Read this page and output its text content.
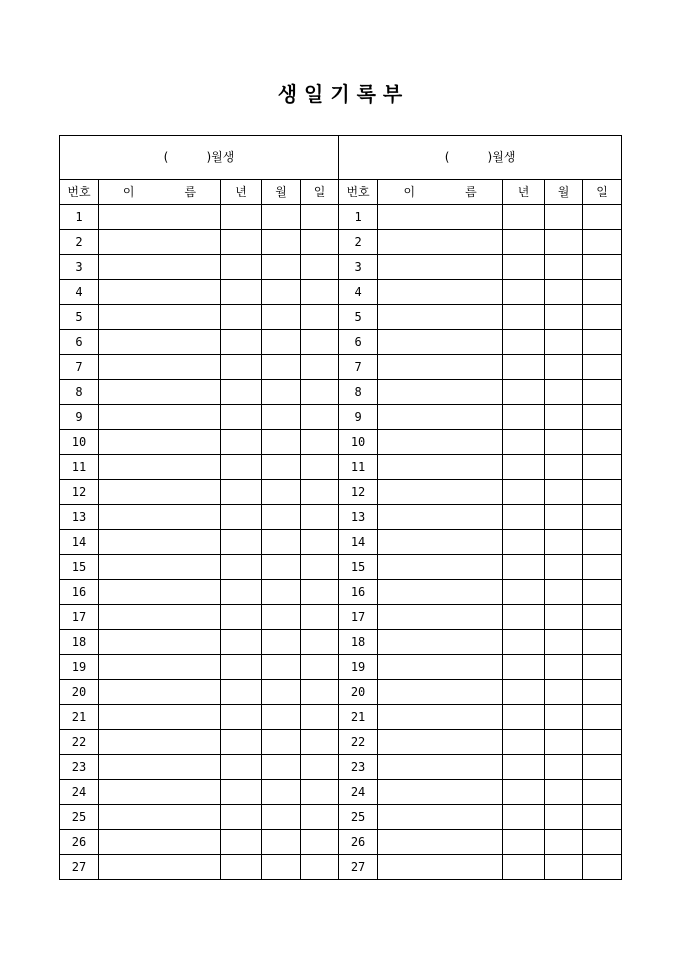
생 일 기 록 부
(          )월생					(          )월생				
번호	이 름	년	월	일	번호	이 름	년	월	일
1					1				
2					2				
3					3				
4					4				
5					5				
6					6				
7					7				
8					8				
9					9				
10					10				
11					11				
12					12				
13					13				
14					14				
15					15				
16					16				
17					17				
18					18				
19					19				
20					20				
21					21				
22					22				
23					23				
24					24				
25					25				
26					26				
27					27				
